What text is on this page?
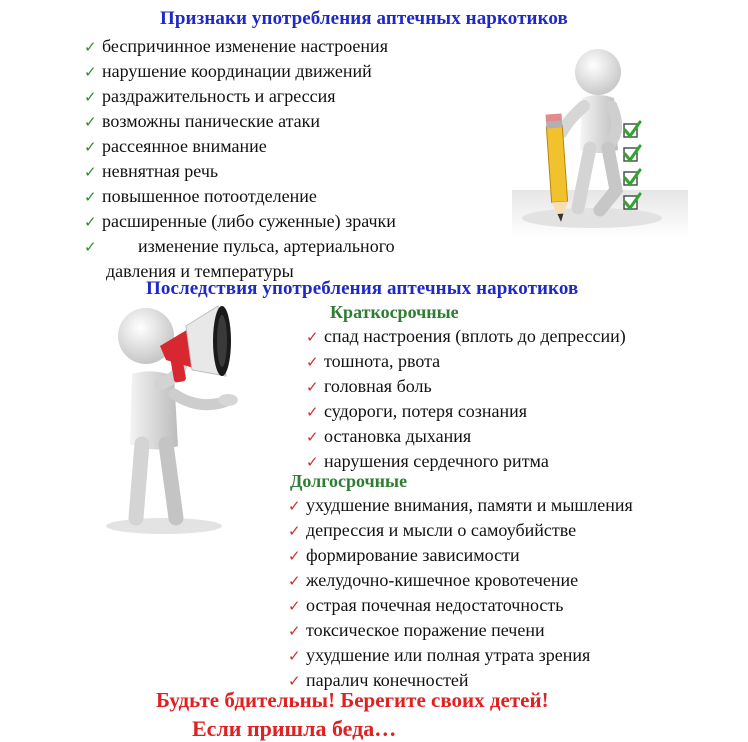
Признаки употребления аптечных наркотиков
✓ беспричинное изменение настроения
✓ нарушение координации движений
✓ раздражительность и агрессия
✓ возможны панические атаки
✓ рассеянное внимание
✓ невнятная речь
✓ повышенное потоотделение
✓ расширенные (либо суженные) зрачки
✓	изменение пульса, артериального
давления и температуры
Последствия употребления аптечных наркотиков
Краткосрочные
✓ спад настроения (вплоть до депрессии)
✓ тошнота, рвота
✓ головная боль
✓ судороги, потеря сознания
✓ остановка дыхания
✓ нарушения сердечного ритма
Долгосрочные
✓ ухудшение внимания, памяти и мышления
✓ депрессия и мысли о самоубийстве
✓ формирование зависимости
✓ желудочно-кишечное кровотечение
✓ острая почечная недостаточность
✓ токсическое поражение печени
✓ ухудшение или полная утрата зрения
✓ паралич конечностей
Будьте бдительны! Берегите своих детей!
Если пришла беда…
